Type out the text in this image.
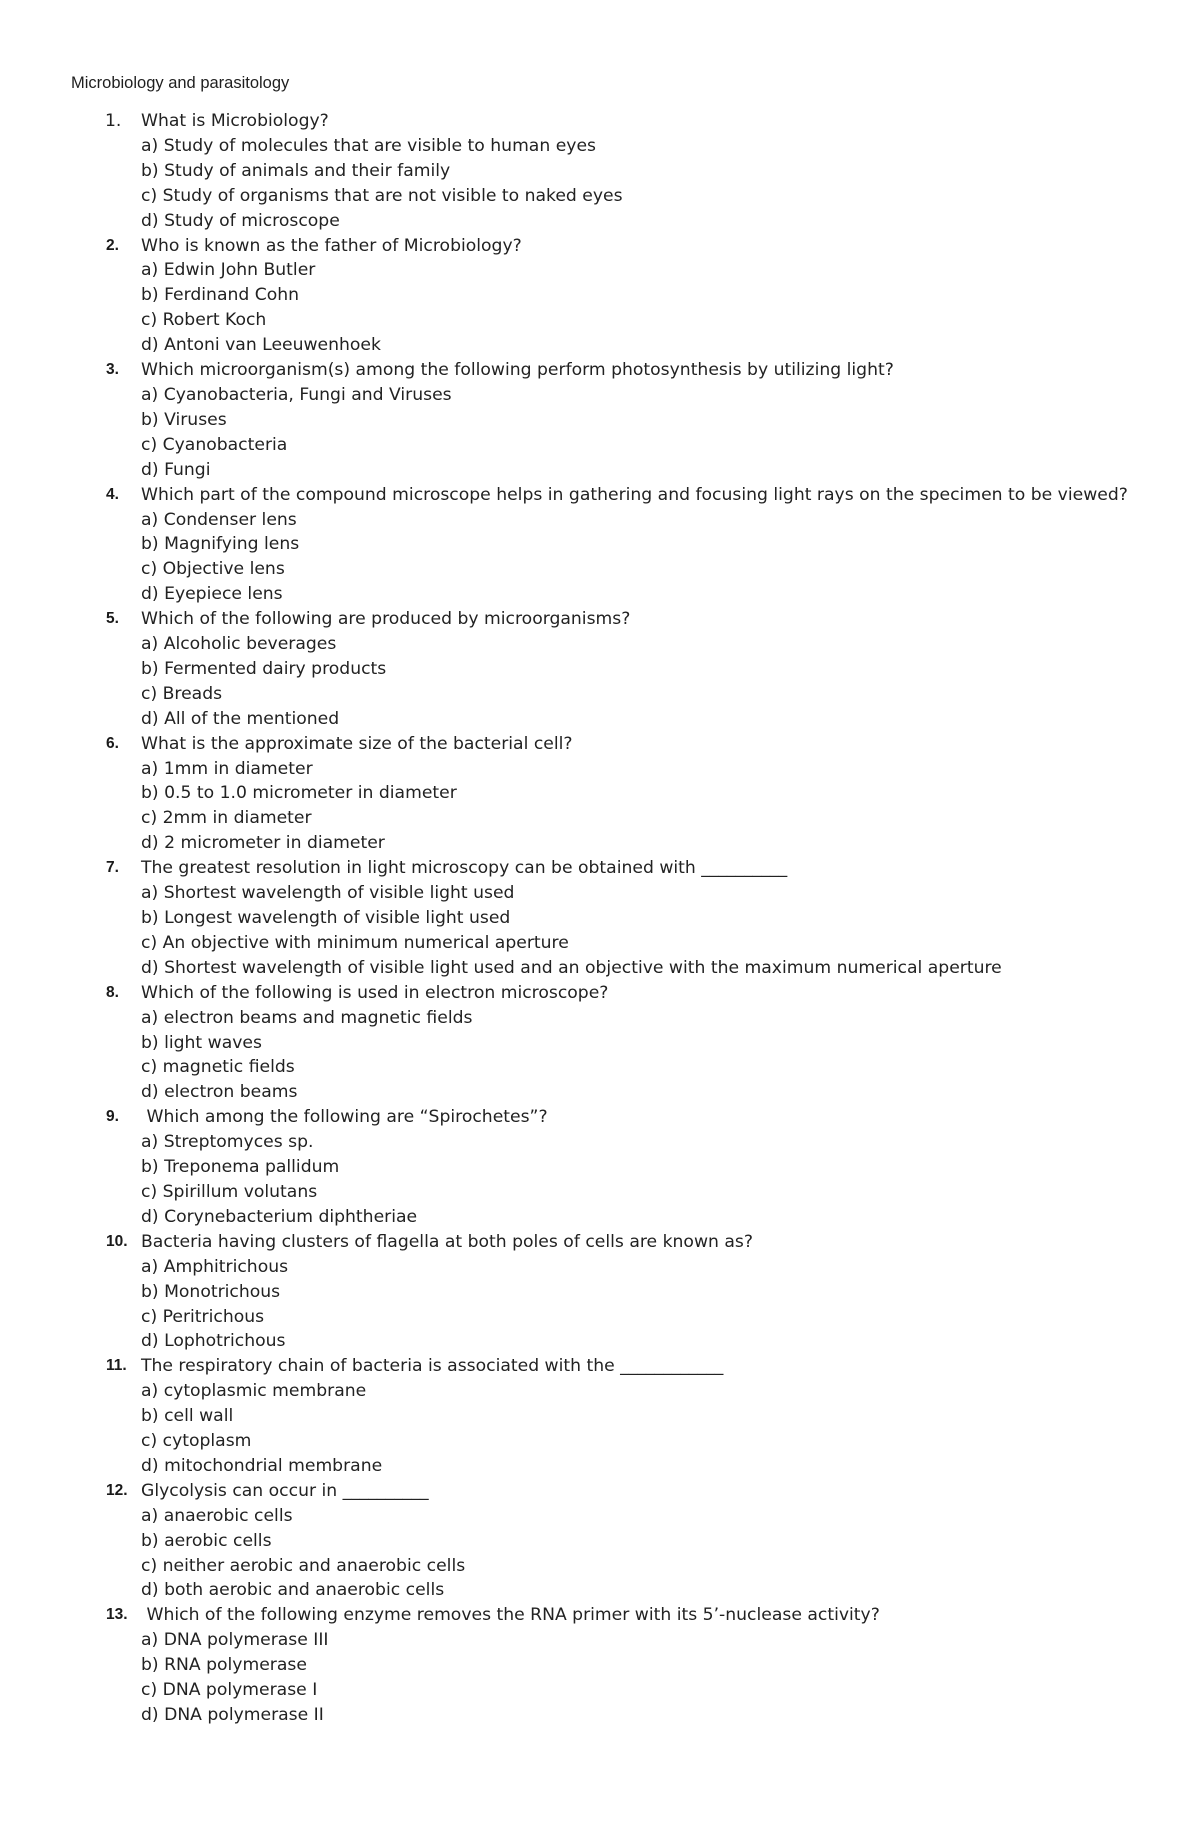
Microbiology and parasitology
1. What is Microbiology?
a) Study of molecules that are visible to human eyes
b) Study of animals and their family
c) Study of organisms that are not visible to naked eyes
d) Study of microscope
2. Who is known as the father of Microbiology?
a) Edwin John Butler
b) Ferdinand Cohn
c) Robert Koch
d) Antoni van Leeuwenhoek
3. Which microorganism(s) among the following perform photosynthesis by utilizing light?
a) Cyanobacteria, Fungi and Viruses
b) Viruses
c) Cyanobacteria
d) Fungi
4. Which part of the compound microscope helps in gathering and focusing light rays on the specimen to be viewed?
a) Condenser lens
b) Magnifying lens
c) Objective lens
d) Eyepiece lens
5. Which of the following are produced by microorganisms?
a) Alcoholic beverages
b) Fermented dairy products
c) Breads
d) All of the mentioned
6. What is the approximate size of the bacterial cell?
a) 1mm in diameter
b) 0.5 to 1.0 micrometer in diameter
c) 2mm in diameter
d) 2 micrometer in diameter
7. The greatest resolution in light microscopy can be obtained with __________
a) Shortest wavelength of visible light used
b) Longest wavelength of visible light used
c) An objective with minimum numerical aperture
d) Shortest wavelength of visible light used and an objective with the maximum numerical aperture
8. Which of the following is used in electron microscope?
a) electron beams and magnetic fields
b) light waves
c) magnetic fields
d) electron beams
9. Which among the following are “Spirochetes”?
a) Streptomyces sp.
b) Treponema pallidum
c) Spirillum volutans
d) Corynebacterium diphtheriae
10. Bacteria having clusters of flagella at both poles of cells are known as?
a) Amphitrichous
b) Monotrichous
c) Peritrichous
d) Lophotrichous
11. The respiratory chain of bacteria is associated with the ____________
a) cytoplasmic membrane
b) cell wall
c) cytoplasm
d) mitochondrial membrane
12. Glycolysis can occur in __________
a) anaerobic cells
b) aerobic cells
c) neither aerobic and anaerobic cells
d) both aerobic and anaerobic cells
13. Which of the following enzyme removes the RNA primer with its 5’-nuclease activity?
a) DNA polymerase III
b) RNA polymerase
c) DNA polymerase I
d) DNA polymerase II
